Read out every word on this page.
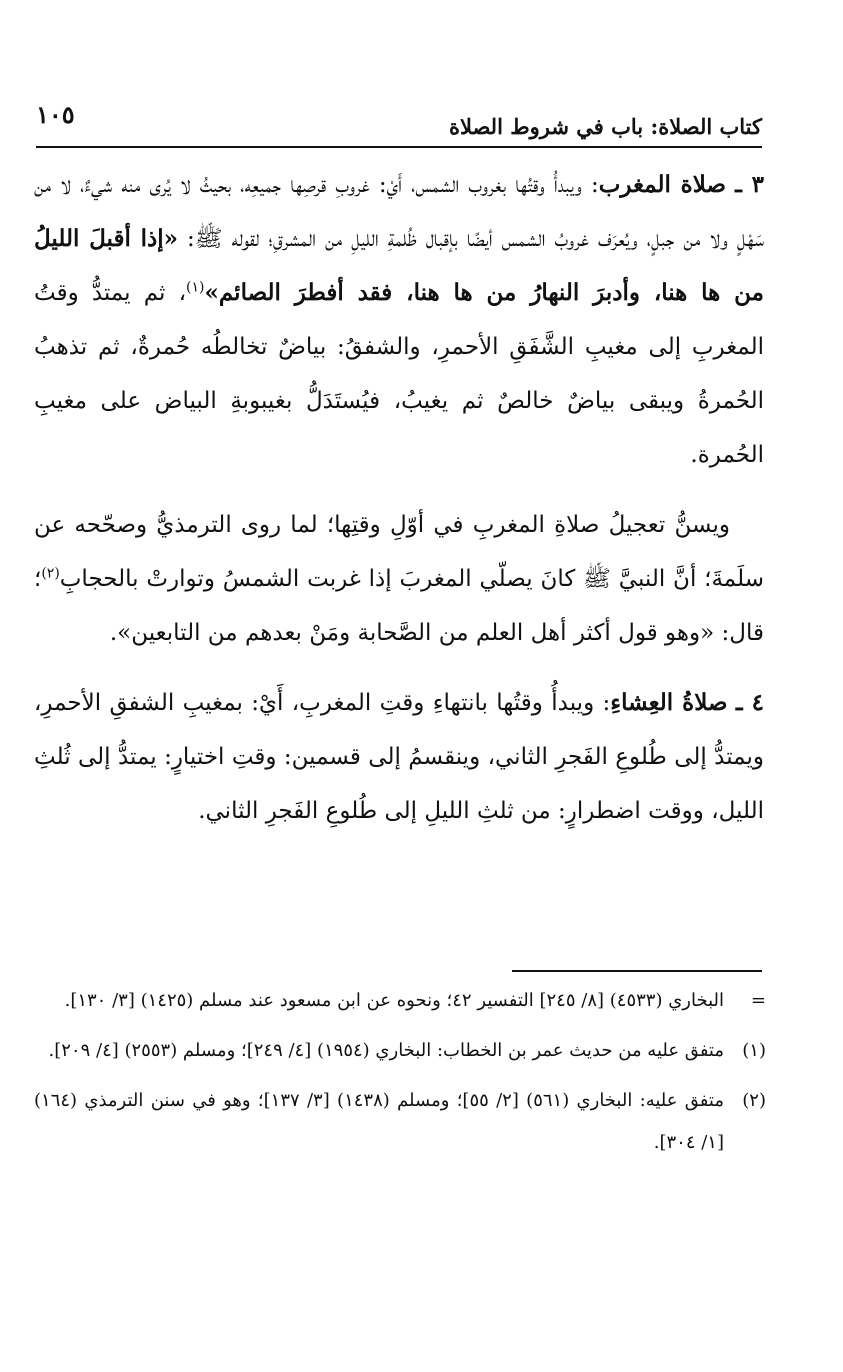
كتاب الصلاة: باب في شروط الصلاة
١٠٥

٣ ـ صلاة المغرب: ويبدأُ وقتُها بغروب الشمس، أَيْ: غروبِ قرصِها جميعِه، بحيثُ لا يُرى منه شيءٌ، لا من سَهْلٍ ولا من جبلٍ، ويُعرَف غروبُ الشمس أيضًا بإقبال ظُلمةِ الليلِ من المشرقِ؛ لقوله ﷺ: «إذا أقبلَ الليلُ من ها هنا، وأدبرَ النهارُ من ها هنا، فقد أفطرَ الصائم»$^{(١)}$، ثم يمتدُّ وقتُ المغربِ إلى مغيبِ الشَّفَقِ الأحمرِ، والشفقُ: بياضٌ تخالطُه حُمرةٌ، ثم تذهبُ الحُمرةُ ويبقى بياضٌ خالصٌ ثم يغيبُ، فيُستَدَلُّ بغيبوبةِ البياض على مغيبِ الحُمرة.

ويسنُّ تعجيلُ صلاةِ المغربِ في أوّلِ وقتِها؛ لما روى الترمذيُّ وصحّحه عن سلَمةَ؛ أنَّ النبيَّ ﷺ كانَ يصلّي المغربَ إذا غربت الشمسُ وتوارتْ بالحجابِ$^{(٢)}$؛ قال: «وهو قول أكثر أهل العلم من الصَّحابة ومَنْ بعدهم من التابعين».

٤ ـ صلاةُ العِشاءِ: ويبدأُ وقتُها بانتهاءِ وقتِ المغربِ، أَيْ: بمغيبِ الشفقِ الأحمرِ، ويمتدُّ إلى طُلوعِ الفَجرِ الثاني، وينقسمُ إلى قسمين: وقتِ اختيارٍ: يمتدُّ إلى ثُلثِ الليل، ووقت اضطرارٍ: من ثلثِ الليلِ إلى طُلوعِ الفَجرِ الثاني.

=
البخاري (٤٥٣٣) [٨/ ٢٤٥] التفسير ٤٢؛ ونحوه عن ابن مسعود عند مسلم (١٤٢٥) [٣/ ١٣٠].

(١)
متفق عليه من حديث عمر بن الخطاب: البخاري (١٩٥٤) [٤/ ٢٤٩]؛ ومسلم (٢٥٥٣) [٤/ ٢٠٩].

(٢)
متفق عليه: البخاري (٥٦١) [٢/ ٥٥]؛ ومسلم (١٤٣٨) [٣/ ١٣٧]؛ وهو في سنن الترمذي (١٦٤) [١/ ٣٠٤].
